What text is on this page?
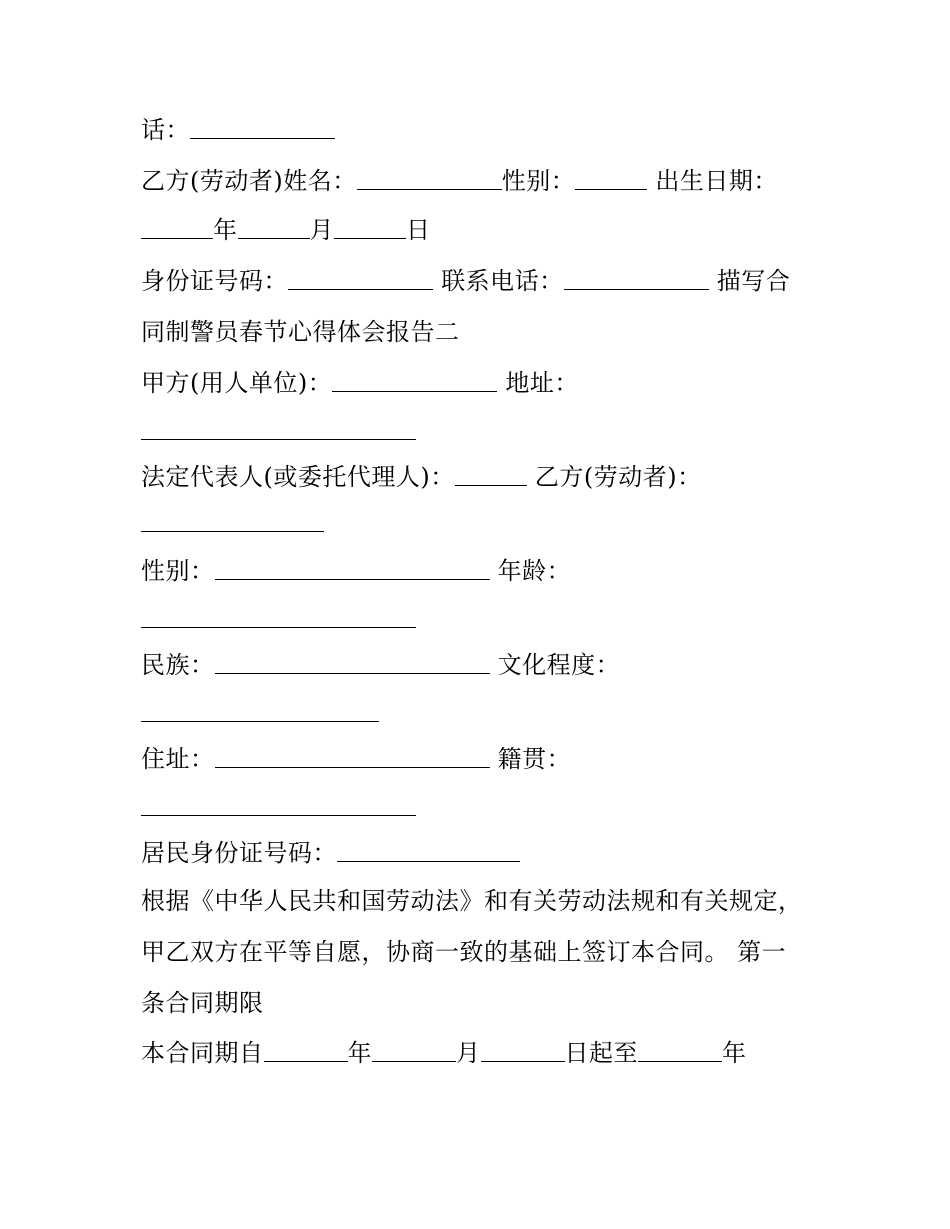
话：
乙方(劳动者)姓名：	性别：	出生日期：
年	月	日
身份证号码：	联系电话：	描写合
同制警员春节心得体会报告二
甲方(用人单位)：	地址：
法定代表人(或委托代理人)：	乙方(劳动者)：
性别：	年龄：
民族：	文化程度：
住址：	籍贯：
居民身份证号码：
根据《中华人民共和国劳动法》和有关劳动法规和有关规定，
甲乙双方在平等自愿，协商一致的基础上签订本合同。 第一
条合同期限
本合同期自	年	月	日起至	年
